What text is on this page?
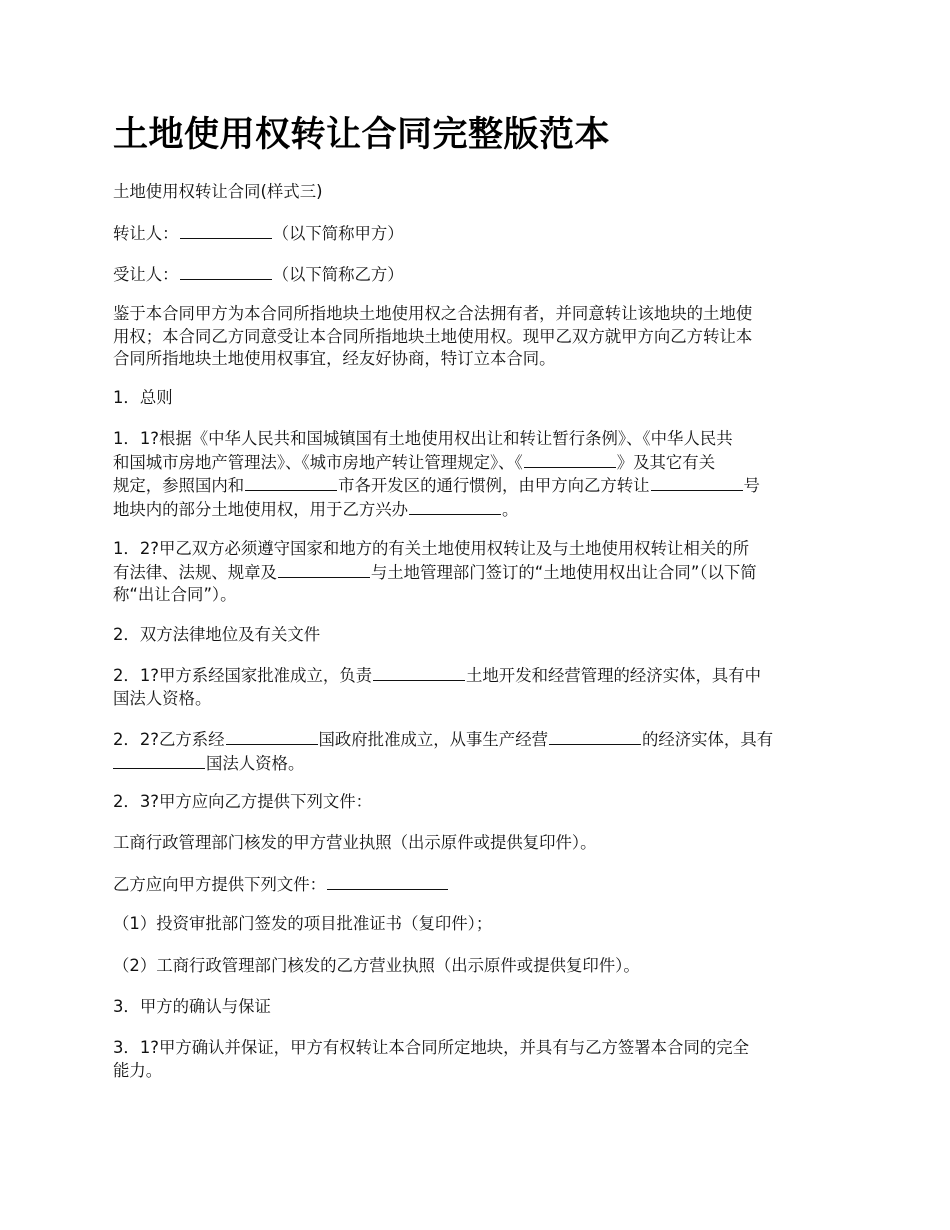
土地使用权转让合同完整版范本

土地使用权转让合同(样式三)

转让人：	（以下简称甲方）

受让人：	（以下简称乙方）

鉴于本合同甲方为本合同所指地块土地使用权之合法拥有者，并同意转让该地块的土地使
用权；本合同乙方同意受让本合同所指地块土地使用权。现甲乙双方就甲方向乙方转让本
合同所指地块土地使用权事宜，经友好协商，特订立本合同。

1．总则

1．1?根据《中华人民共和国城镇国有土地使用权出让和转让暂行条例》、《中华人民共
和国城市房地产管理法》、《城市房地产转让管理规定》、《	》及其它有关
规定，参照国内和	市各开发区的通行惯例，由甲方向乙方转让	号
地块内的部分土地使用权，用于乙方兴办	。
1．2?甲乙双方必须遵守国家和地方的有关土地使用权转让及与土地使用权转让相关的所
有法律、法规、规章及	与土地管理部门签订的“土地使用权出让合同”（以下简
称“出让合同”）。

2．双方法律地位及有关文件

2．1?甲方系经国家批准成立，负责	土地开发和经营管理的经济实体，具有中
国法人资格。
2．2?乙方系经	国政府批准成立，从事生产经营	的经济实体，具有
国法人资格。

2．3?甲方应向乙方提供下列文件：

工商行政管理部门核发的甲方营业执照（出示原件或提供复印件）。

乙方应向甲方提供下列文件：

（1）投资审批部门签发的项目批准证书（复印件）；

（2）工商行政管理部门核发的乙方营业执照（出示原件或提供复印件）。

3．甲方的确认与保证

3．1?甲方确认并保证，甲方有权转让本合同所定地块，并具有与乙方签署本合同的完全
能力。
